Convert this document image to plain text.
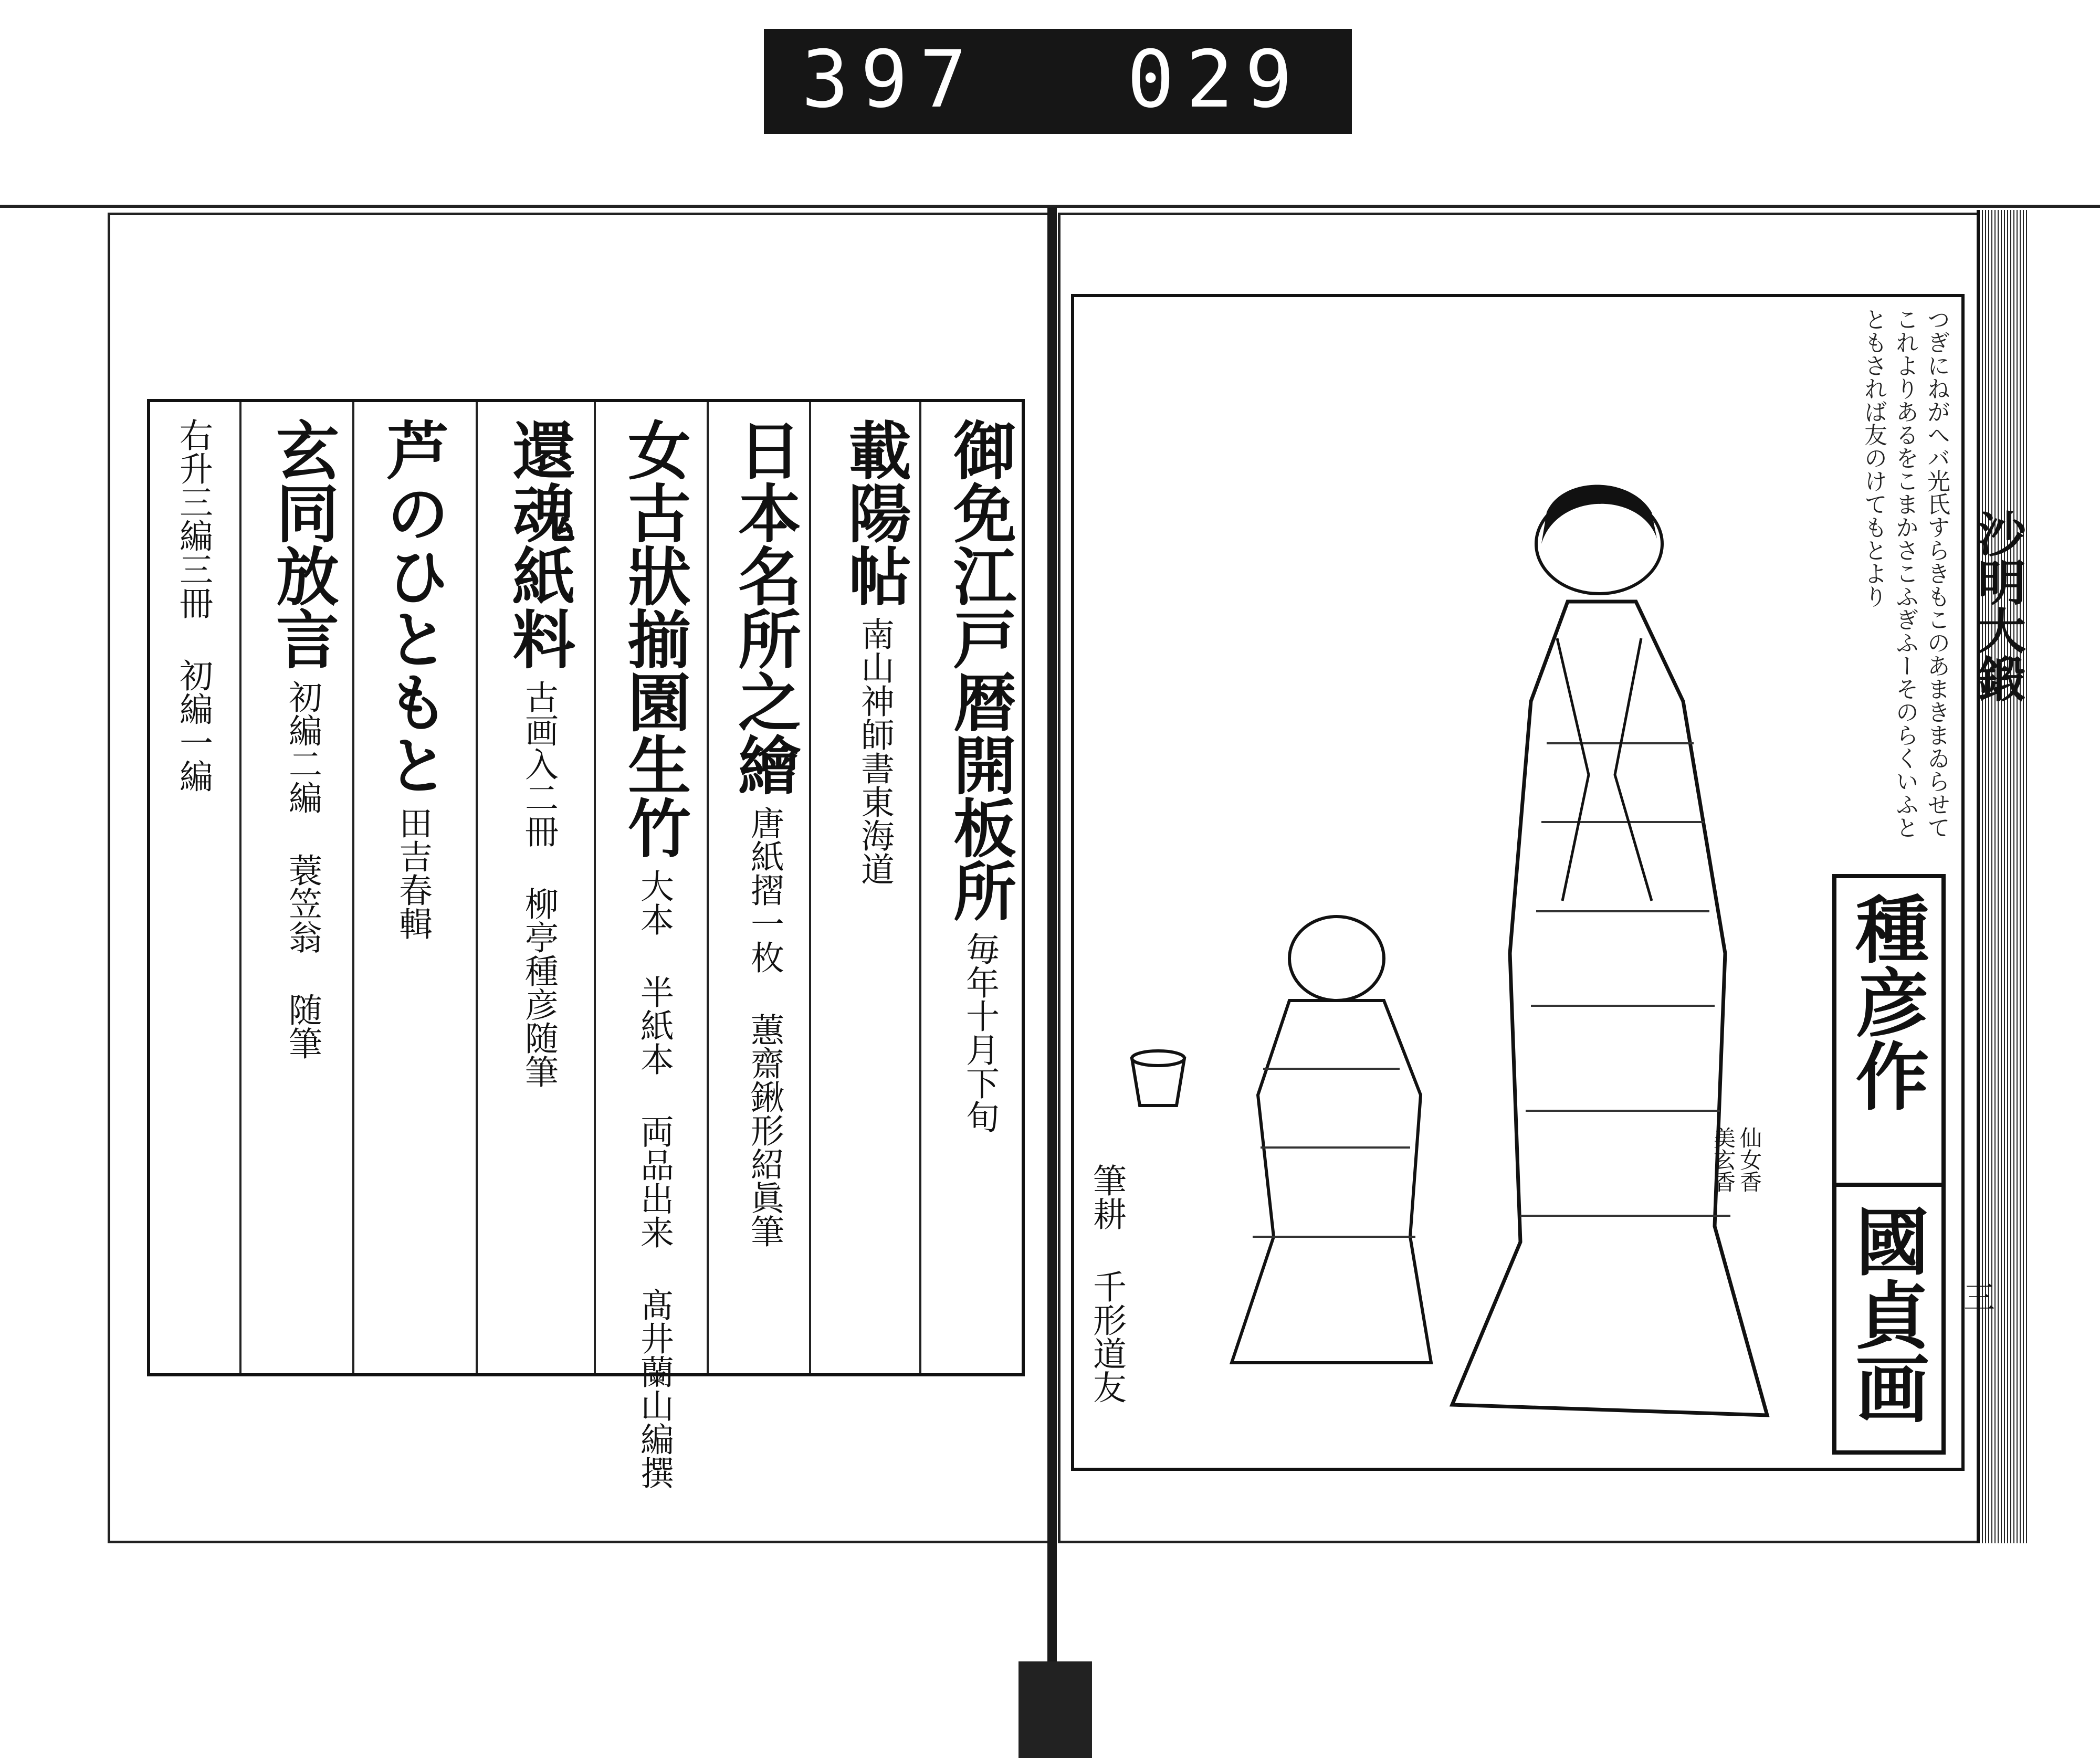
397 029
御免江戸暦開板所 毎年十月下旬
載陽帖 南山神師書東海道
日本名所之繪 唐紙摺一枚 蕙齋鍬形紹眞筆
女古狀揃園生竹 大本 半紙本 両品出来 髙井蘭山編撰
還魂紙料 古画入二冊 柳亭種彦随筆
芦のひともと 田吉春輯
玄同放言 初編二編 蓑笠翁 随筆
右升三編三冊 初編一編	沙明大鍛
三
つぎにねがへバ光氏すらきもこのあまきまゐらせて
これよりあるをこまかさこふぎふーそのらくいふと
ともされば友のけてもとより
仙女香
美玄香
筆耕 千形道友
種彦作
國貞画
